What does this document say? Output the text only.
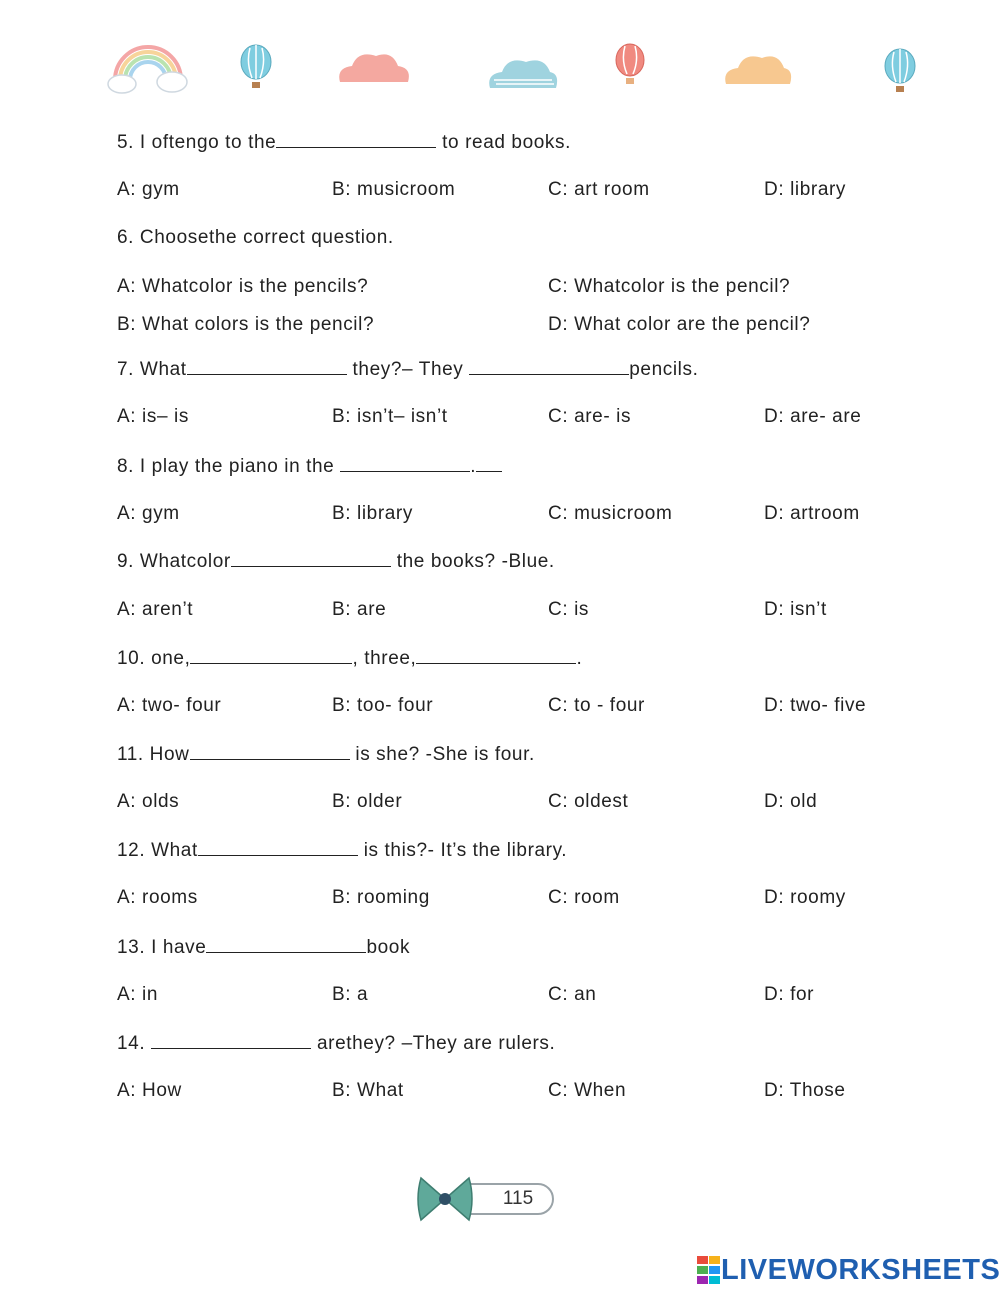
5. I oftengo to the	to read books.
A: gym	B: musicroom	C: art room	D: library
6. Choosethe correct question.
A: Whatcolor is the pencils?	C: Whatcolor is the pencil?
B: What colors is the pencil?	D: What color are the pencil?
7. What	they?– They	pencils.
A: is– is	B: isn’t– isn’t	C: are- is	D: are- are
8. I play the piano in the	.
A: gym	B: library	C: musicroom	D: artroom
9. Whatcolor	the books? -Blue.
A: aren’t	B: are	C: is	D: isn’t
10. one,	, three,	.
A: two- four	B: too- four	C: to - four	D: two- five
11. How	is she? -She is four.
A: olds	B: older	C: oldest	D: old
12. What	is this?- It’s the library.
A: rooms	B: rooming	C: room	D: roomy
13. I have	book
A: in	B: a	C: an	D: for
14.	arethey? –They are rulers.
A: How	B: What	C: When	D: Those
115
LIVEWORKSHEETS
